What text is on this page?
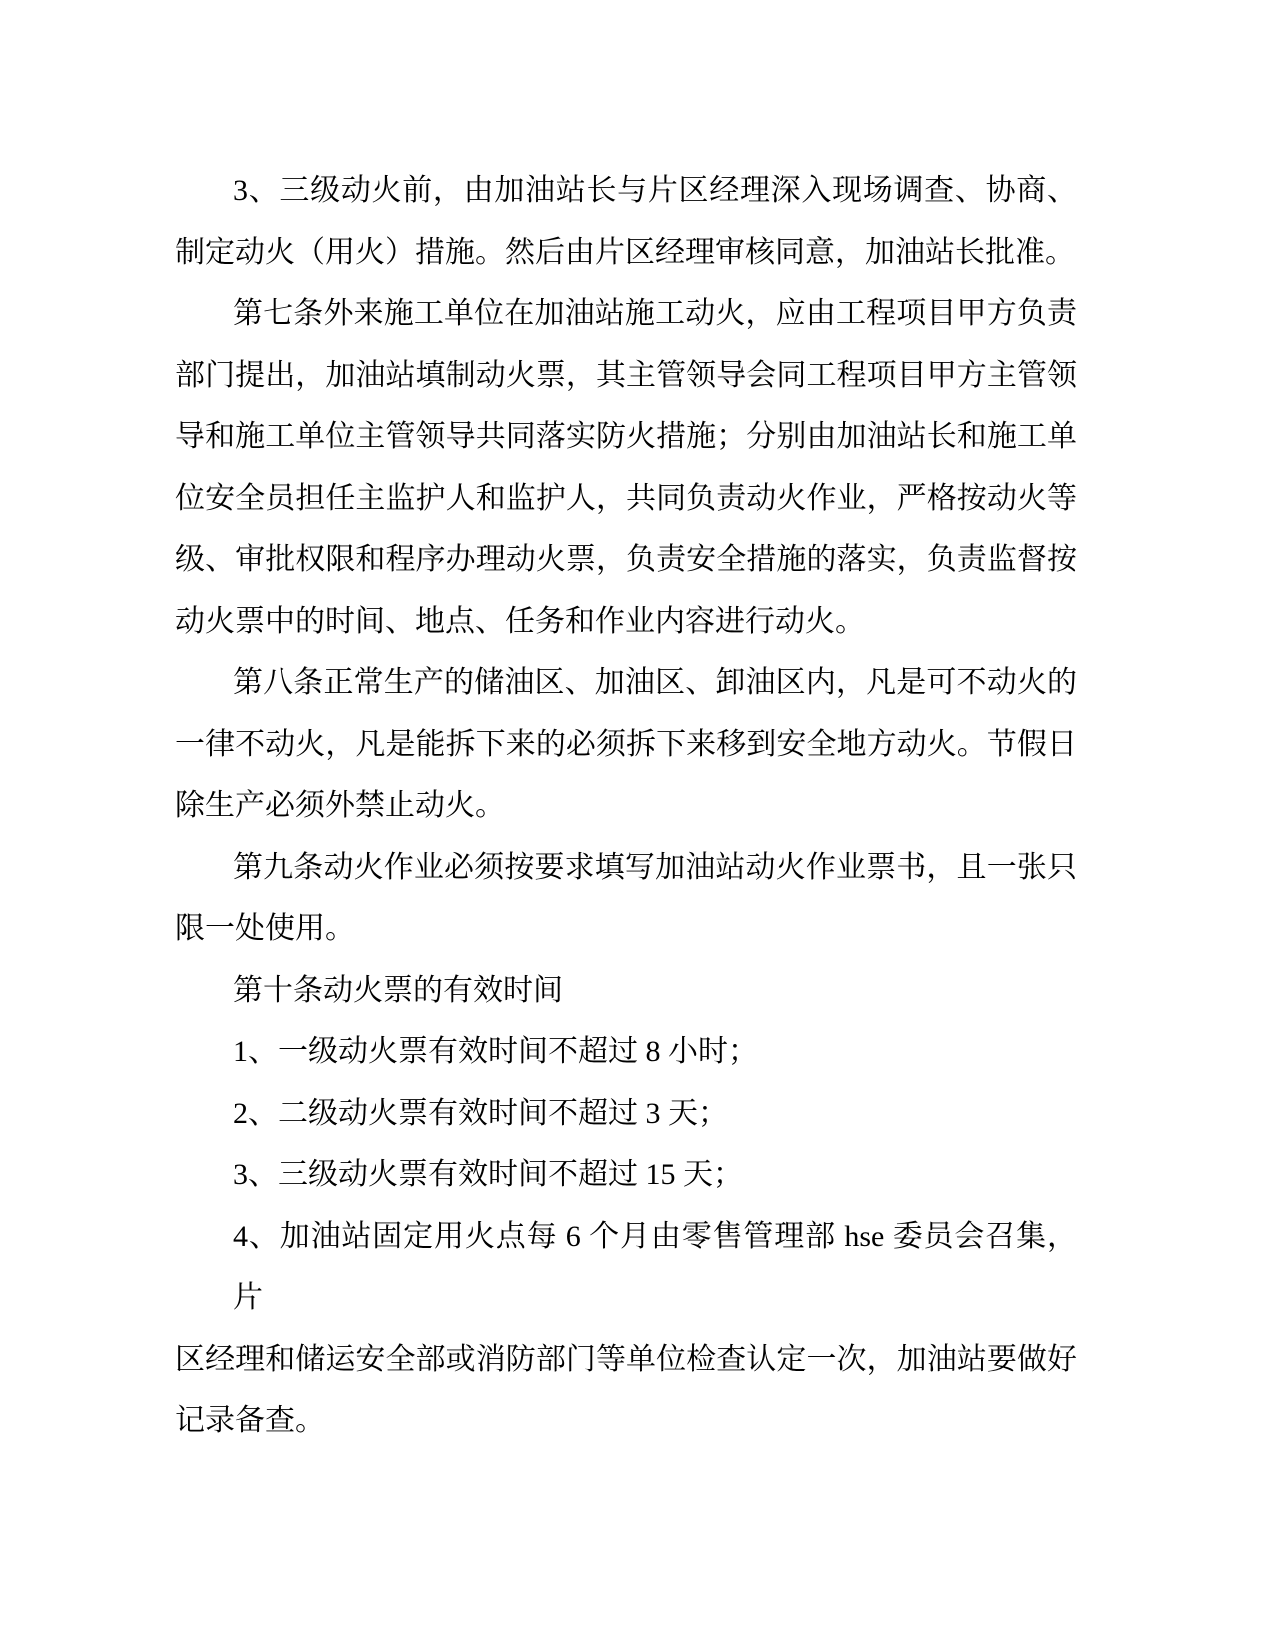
3、三级动火前，由加油站长与片区经理深入现场调查、协商、
制定动火（用火）措施。然后由片区经理审核同意，加油站长批准。
第七条外来施工单位在加油站施工动火，应由工程项目甲方负责
部门提出，加油站填制动火票，其主管领导会同工程项目甲方主管领
导和施工单位主管领导共同落实防火措施；分别由加油站长和施工单
位安全员担任主监护人和监护人，共同负责动火作业，严格按动火等
级、审批权限和程序办理动火票，负责安全措施的落实，负责监督按
动火票中的时间、地点、任务和作业内容进行动火。
第八条正常生产的储油区、加油区、卸油区内，凡是可不动火的
一律不动火，凡是能拆下来的必须拆下来移到安全地方动火。节假日
除生产必须外禁止动火。
第九条动火作业必须按要求填写加油站动火作业票书，且一张只
限一处使用。
第十条动火票的有效时间
1、一级动火票有效时间不超过 8 小时；
2、二级动火票有效时间不超过 3 天；
3、三级动火票有效时间不超过 15 天；
4、加油站固定用火点每 6 个月由零售管理部 hse 委员会召集，片
区经理和储运安全部或消防部门等单位检查认定一次，加油站要做好
记录备查。
